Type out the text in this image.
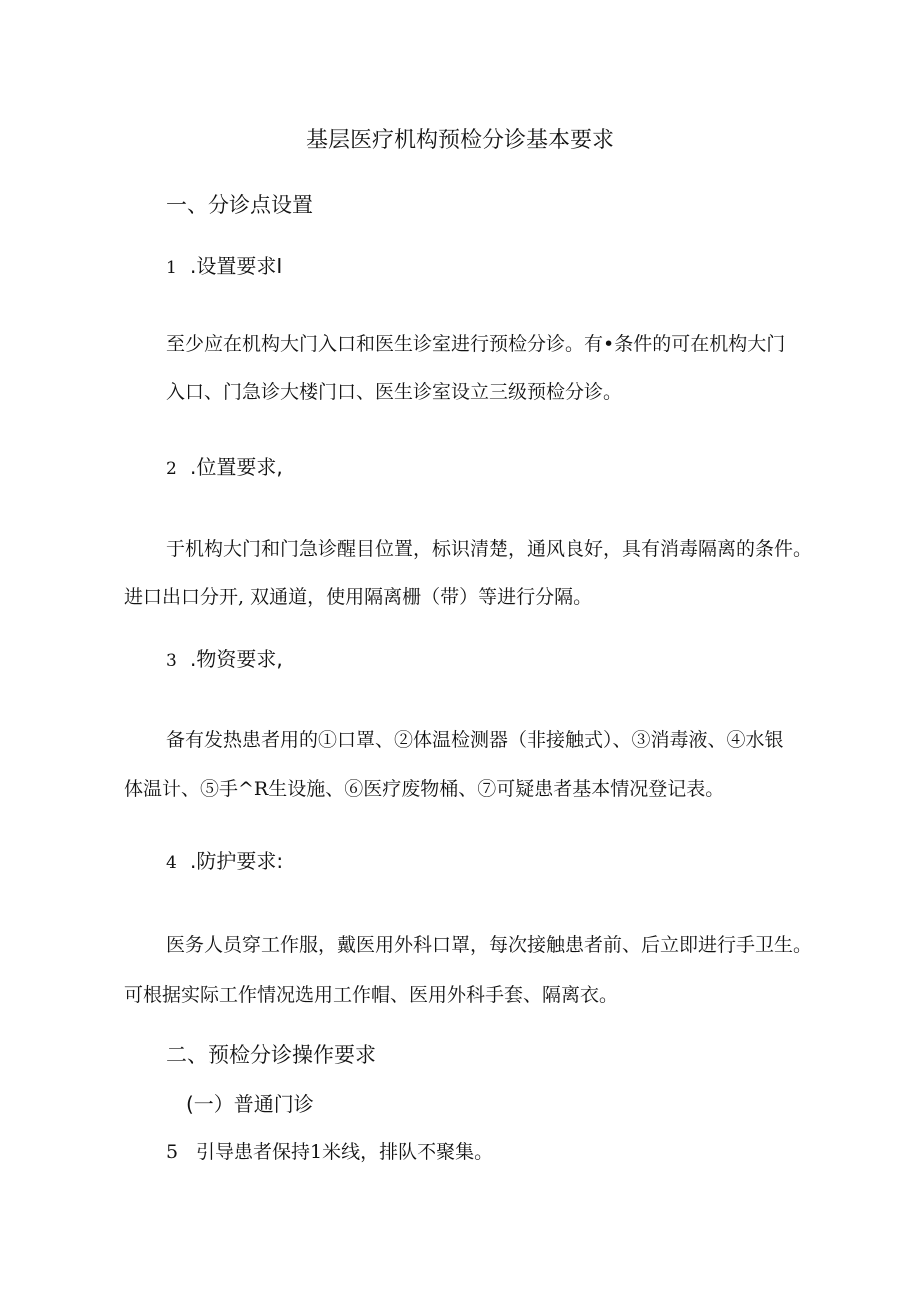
基层医疗机构预检分诊基本要求
一、分诊点设置
1 .设置要求I
至少应在机构大门入口和医生诊室进行预检分诊。有•条件的可在机构大门
入口、门急诊大楼门口、医生诊室设立三级预检分诊。
2 .位置要求,
于机构大门和门急诊醒目位置，标识清楚，通风良好，具有消毒隔离的条件。
进口出口分开, 双通道，使用隔离栅（带）等进行分隔。
3 .物资要求,
备有发热患者用的①口罩、②体温检测器（非接触式）、③消毒液、④水银
体温计、⑤手^R生设施、⑥医疗废物桶、⑦可疑患者基本情况登记表。
4 .防护要求:
医务人员穿工作服，戴医用外科口罩，每次接触患者前、后立即进行手卫生。
可根据实际工作情况选用工作帽、医用外科手套、隔离衣。
二、预检分诊操作要求
(一）普通门诊
5 引导患者保持1米线，排队不聚集。
